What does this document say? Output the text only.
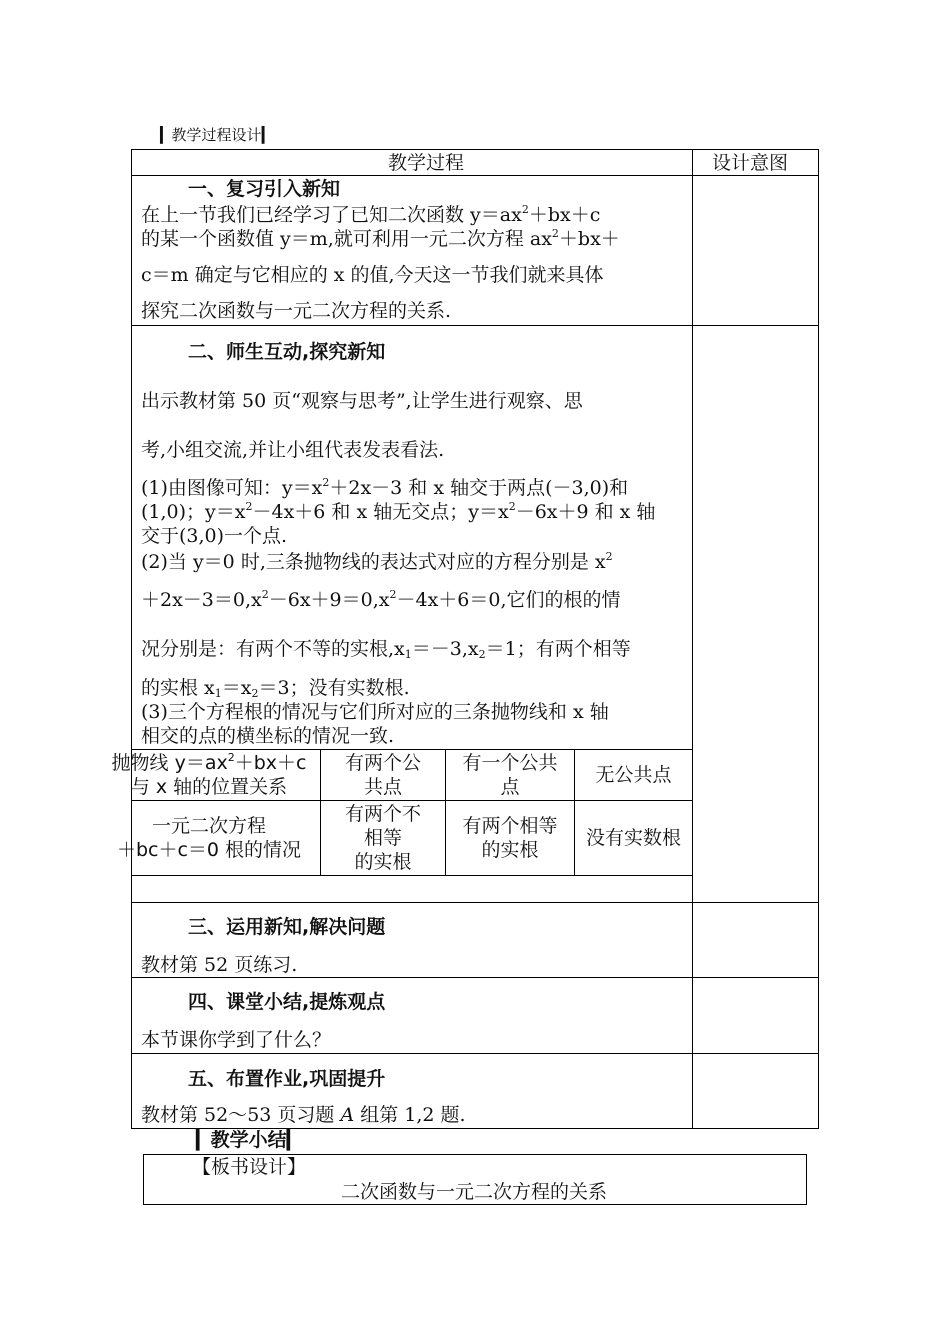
▎教学过程设计▎
教学过程	设计意图
一、复习引入新知
在上一节我们已经学习了已知二次函数 $y=ax^2+bx+c$
的某一个函数值 y＝m,就可利用一元二次方程 $ax^2+bx+$
c＝m 确定与它相应的 x 的值,今天这一节我们就来具体
探究二次函数与一元二次方程的关系.
二、师生互动,探究新知
出示教材第 50 页“观察与思考”,让学生进行观察、思
考,小组交流,并让小组代表发表看法.
(1)由图像可知：$y=x^2+2x-3$ 和 x 轴交于两点(－3,0)和
(1,0)；$y=x^2-4x+6$ 和 x 轴无交点；$y=x^2-6x+9$ 和 x 轴
交于(3,0)一个点.
(2)当 y＝0 时,三条抛物线的表达式对应的方程分别是 $x^2$
$+2x-3=0,x^2-6x+9=0,x^2-4x+6=0$,它们的根的情
况分别是：有两个不等的实根$,x_1=-3,x_2=1$；有两个相等
的实根 $x_1=x_2=3$；没有实数根.
(3)三个方程根的情况与它们所对应的三条抛物线和 x 轴
相交的点的横坐标的情况一致.
抛物线 $y=ax^2+bx+c$
与 x 轴的位置关系
有两个公
共点
有一个公共
点
无公共点
一元二次方程
＋bc＋c＝0 根的情况
有两个不
相等
的实根
有两个相等
的实根
没有实数根
三、运用新知,解决问题
教材第 52 页练习.
四、课堂小结,提炼观点
本节课你学到了什么？
五、布置作业,巩固提升
教材第 52～53 页习题 A 组第 1,2 题.
▎教学小结▎
【板书设计】
二次函数与一元二次方程的关系
